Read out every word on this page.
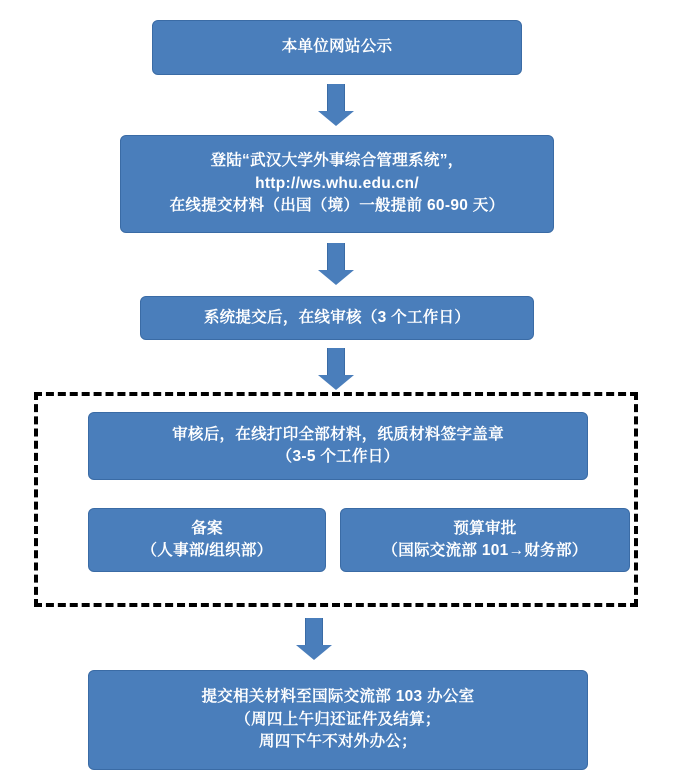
本单位网站公示
登陆“武汉大学外事综合管理系统”，
http://ws.whu.edu.cn/
在线提交材料（出国（境）一般提前 60-90 天）
系统提交后，在线审核（3 个工作日）
审核后，在线打印全部材料，纸质材料签字盖章
（3-5 个工作日）
备案
（人事部/组织部）
预算审批
（国际交流部 101→财务部）
提交相关材料至国际交流部 103 办公室
（周四上午归还证件及结算；
周四下午不对外办公；
